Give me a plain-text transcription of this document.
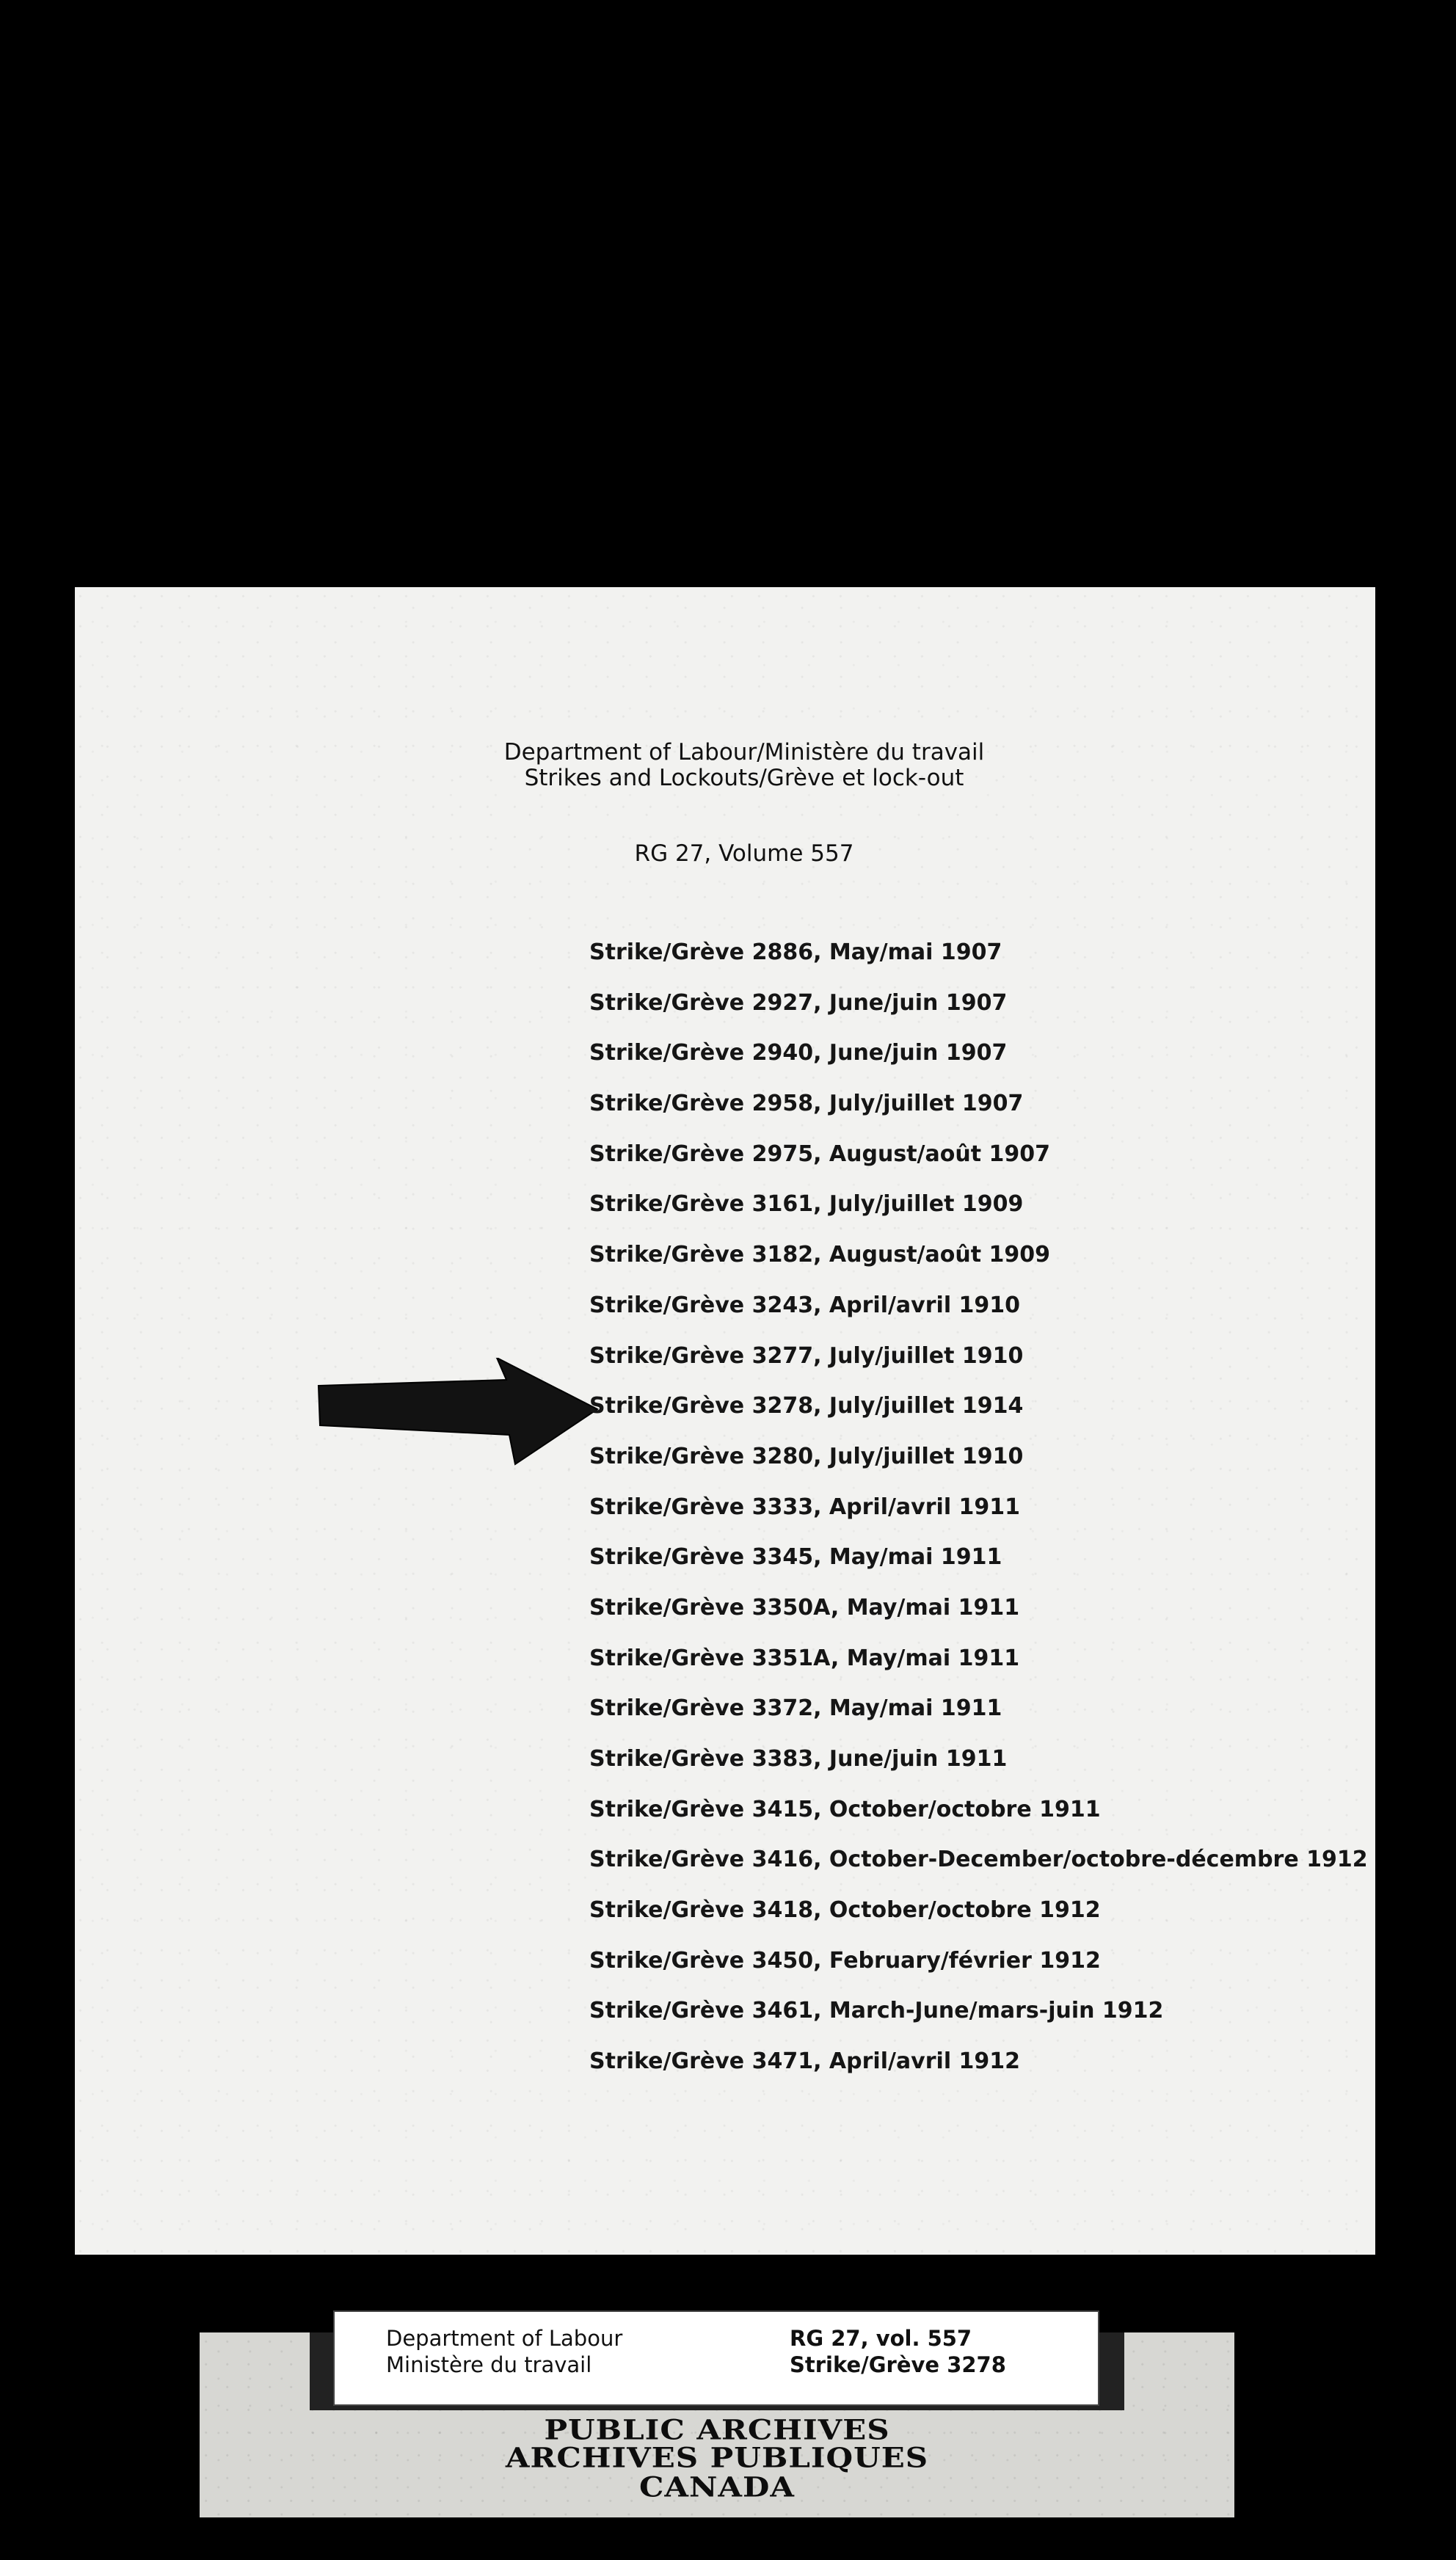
Department of Labour/Ministère du travail
Strikes and Lockouts/Grève et lock-out
RG 27, Volume 557
Strike/Grève 2886, May/mai 1907
Strike/Grève 2927, June/juin 1907
Strike/Grève 2940, June/juin 1907
Strike/Grève 2958, July/juillet 1907
Strike/Grève 2975, August/août 1907
Strike/Grève 3161, July/juillet 1909
Strike/Grève 3182, August/août 1909
Strike/Grève 3243, April/avril 1910
Strike/Grève 3277, July/juillet 1910
Strike/Grève 3278, July/juillet 1914
Strike/Grève 3280, July/juillet 1910
Strike/Grève 3333, April/avril 1911
Strike/Grève 3345, May/mai 1911
Strike/Grève 3350A, May/mai 1911
Strike/Grève 3351A, May/mai 1911
Strike/Grève 3372, May/mai 1911
Strike/Grève 3383, June/juin 1911
Strike/Grève 3415, October/octobre 1911
Strike/Grève 3416, October-December/octobre-décembre 1912
Strike/Grève 3418, October/octobre 1912
Strike/Grève 3450, February/février 1912
Strike/Grève 3461, March-June/mars-juin 1912
Strike/Grève 3471, April/avril 1912
Department of Labour
Ministère du travail
RG 27, vol. 557
Strike/Grève 3278
PUBLIC ARCHIVES
ARCHIVES PUBLIQUES
CANADA
